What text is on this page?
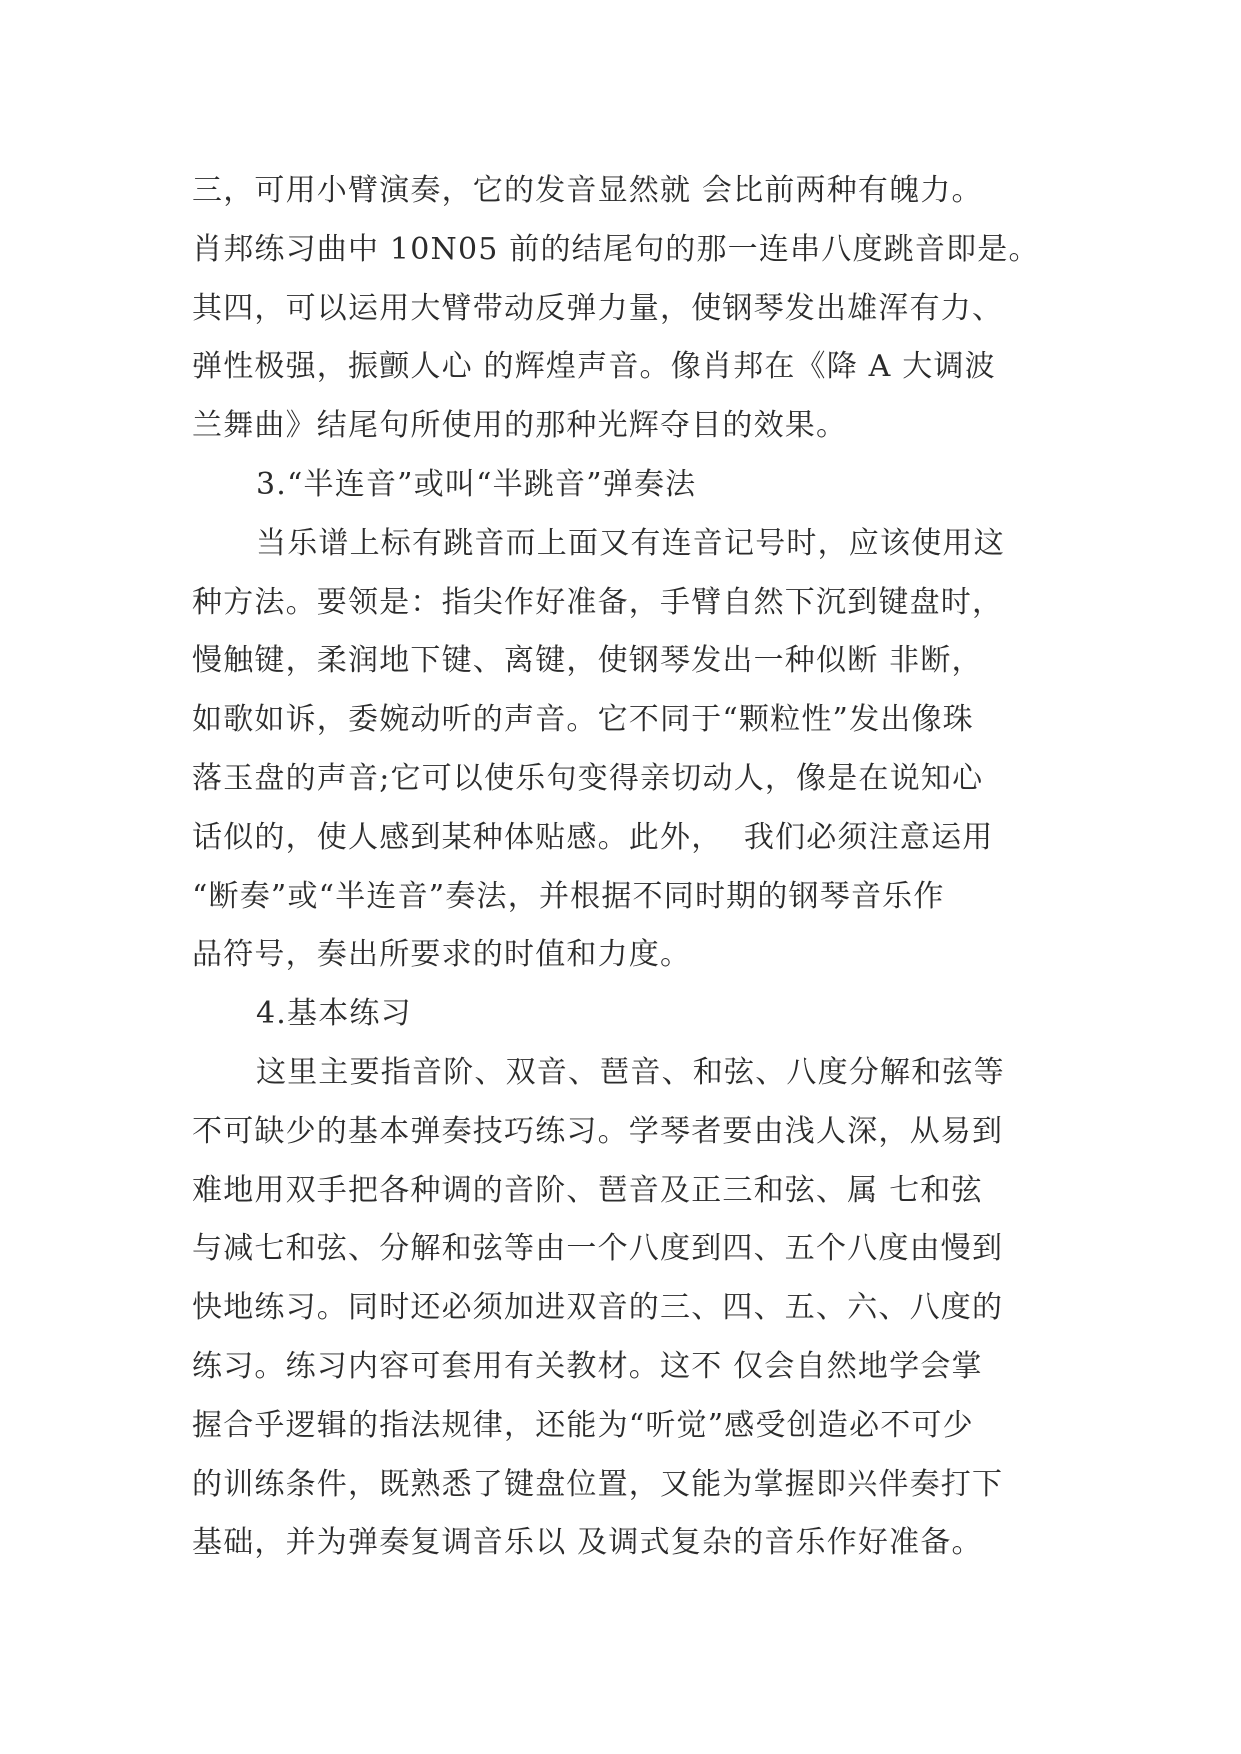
三，可用小臂演奏，它的发音显然就 会比前两种有魄力。
肖邦练习曲中 10N05 前的结尾句的那一连串八度跳音即是。
其四，可以运用大臂带动反弹力量，使钢琴发出雄浑有力、
弹性极强，振颤人心 的辉煌声音。像肖邦在《降 A 大调波
兰舞曲》结尾句所使用的那种光辉夺目的效果。
3.“半连音”或叫“半跳音”弹奏法
当乐谱上标有跳音而上面又有连音记号时，应该使用这
种方法。要领是：指尖作好准备，手臂自然下沉到键盘时，
慢触键，柔润地下键、离键，使钢琴发出一种似断 非断，
如歌如诉，委婉动听的声音。它不同于“颗粒性”发出像珠
落玉盘的声音;它可以使乐句变得亲切动人，像是在说知心
话似的，使人感到某种体贴感。此外，  我们必须注意运用
“断奏”或“半连音”奏法，并根据不同时期的钢琴音乐作
品符号，奏出所要求的时值和力度。
4.基本练习
这里主要指音阶、双音、琶音、和弦、八度分解和弦等
不可缺少的基本弹奏技巧练习。学琴者要由浅人深，从易到
难地用双手把各种调的音阶、琶音及正三和弦、属 七和弦
与减七和弦、分解和弦等由一个八度到四、五个八度由慢到
快地练习。同时还必须加进双音的三、四、五、六、八度的
练习。练习内容可套用有关教材。这不 仅会自然地学会掌
握合乎逻辑的指法规律，还能为“听觉”感受创造必不可少
的训练条件，既熟悉了键盘位置，又能为掌握即兴伴奏打下
基础，并为弹奏复调音乐以 及调式复杂的音乐作好准备。
